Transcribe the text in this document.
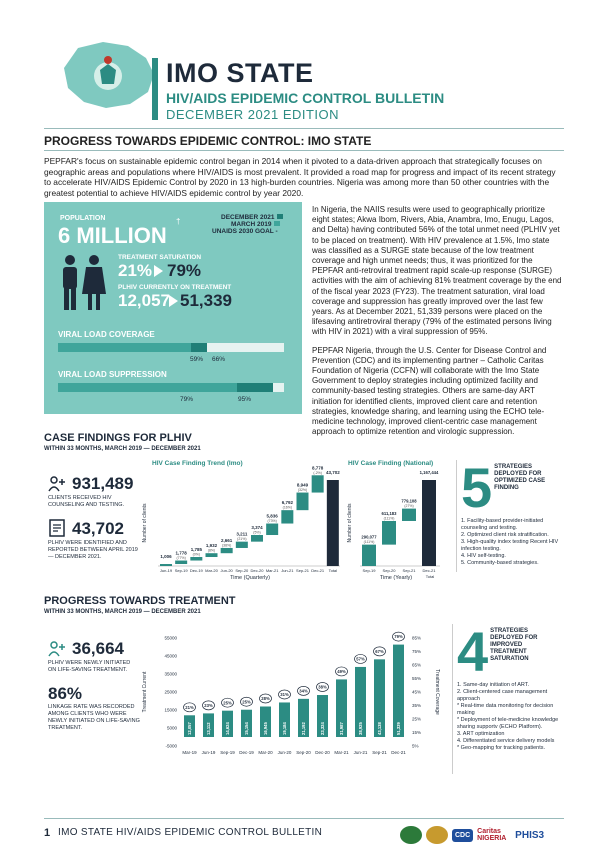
IMO STATE
HIV/AIDS EPIDEMIC CONTROL BULLETIN
DECEMBER 2021 EDITION
PROGRESS TOWARDS EPIDEMIC CONTROL: IMO STATE
PEPFAR's focus on sustainable epidemic control began in 2014 when it pivoted to a data-driven approach that strategically focuses on geographic areas and populations where HIV/AIDS is most prevalent. It provided a road map for progress and impact of its recent strategy to accelerate HIV/AIDS Epidemic Control by 2020 in 13 high-burden countries. Nigeria was among more than 50 other countries with the greatest potential to achieve HIV/AIDS epidemic control by year 2020.
POPULATION
6 MILLION
†	DECEMBER 2021
MARCH 2019
UNAIDS 2030 GOAL -
TREATMENT SATURATION
21% 79%
PLHIV CURRENTLY ON TREATMENT
12,057 51,339
VIRAL LOAD COVERAGE
59% 66%
VIRAL LOAD SUPPRESSION
79%	95%

In Nigeria, the NAIIS results were used to geographically prioritize eight states; Akwa Ibom, Rivers, Abia, Anambra, Imo, Enugu, Lagos, and Delta) having contributed 56% of the total unmet need (PLHIV yet to be placed on treatment). With HIV prevalence at 1.5%, Imo state was classified as a SURGE state because of the low treatment coverage and high unmet needs; thus, it was prioritized for the PEPFAR anti-retroviral treatment rapid scale-up response (SURGE) activities with the aim of achieving 81% treatment coverage by the end of the fiscal year 2023 (FY23). The treatment saturation, viral load coverage and suppression has greatly improved over the last few years. As at December 2021, 51,339 persons were placed on the lifesaving antiretroviral therapy (79% of the estimated persons living with HIV in 2021) with a viral suppression of 95%.

PEPFAR Nigeria, through the U.S. Center for Disease Control and Prevention (CDC) and its implementing partner – Catholic Caritas Foundation of Nigeria (CCFN) will collaborate with the Imo State Government to deploy strategies including optimized facility and community-based testing strategies. Others are same-day ART initiation for identified clients, improved client care and retention strategies, knowledge sharing, and learning using the ECHO tele-medicine technology, improved client-centric case management approach to optimize retention and virologic suppression.

CASE FINDINGS FOR PLHIV
WITHIN 33 MONTHS, MARCH 2019 — DECEMBER 2021
931,489
CLIENTS RECEIVED HIV COUNSELING AND TESTING.
43,702
PLHIV WERE IDENTIFIED AND REPORTED BETWEEN APRIL 2019 — DECEMBER 2021.
HIV Case Finding Trend (Imo)
Number of clients
1,006
Jun-19
1,778
(77%)
Sep-19
1,785
(0%)
Dec-19
1,932
(8%)
Mar-20
2,661
(38%)
Jun-20
3,211
(21%)
Sep-20
3,374
(5%)
Dec-20
5,836
(73%)
Mar-21
6,792
(16%)
Jun-21
8,949
(32%)
Sep-21
8,778
(-2%)
Dec-21
43,702
Total
Time (Quarterly)
HIV Case Finding (National)
Number of clients 290,077
(111%)
Sep-19
611,183
(111%)
Sep-20
779,108
(27%)
Sep-21
1,167,444
Dec-21
Total
Time (Yearly)
5 STRATEGIES DEPLOYED FOR OPTIMIZED CASE FINDING
1. Facility-based provider-initiated counseling and testing.
2. Optimized client risk stratification.
3. High-quality index testing Recent HIV infection testing.
4. HIV self-testing.
5. Community-based strategies.
PROGRESS TOWARDS TREATMENT
WITHIN 33 MONTHS, MARCH 2019 — DECEMBER 2021
36,664
PLHIV WERE NEWLY INITIATED ON LIFE-SAVING TREATMENT.
86%
LINKAGE RATE WAS RECORDED AMONG CLIENTS WHO WERE NEWLY INITIATED ON LIFE-SAVING TREATMENT.
Treatment Current	Treatment Coverage
-5000
5000
15000
25000
35000
45000
55000
5%
15%
25%
35%
45%
55%
65%
75%
85%
12,057
21%
Mar-19
13,112
23%
Jun-19
14,624
25%
Sep-19
15,154
25%
Dec-19
16,945
28%
Mar-20
19,184
31%
Jun-20
21,192
34%
Sep-20
23,324
38%
Dec-20
31,987
49%
Mar-21
38,925
57%
Jun-21
43,138
67%
Sep-21
51,339
79%
Dec-21
4 STRATEGIES DEPLOYED FOR IMPROVED TREATMENT SATURATION
1. Same-day initiation of ART.
2. Client-centered case management approach
* Real-time data monitoring for decision making
* Deployment of tele-medicine knowledge sharing supportv (ECHO Platform).
3. ART optimization
4. Differentiated service delivery models
* Geo-mapping for tracking patients.
1 IMO STATE HIV/AIDS EPIDEMIC CONTROL BULLETIN	CDC	Caritas NIGERIA PHIS3
